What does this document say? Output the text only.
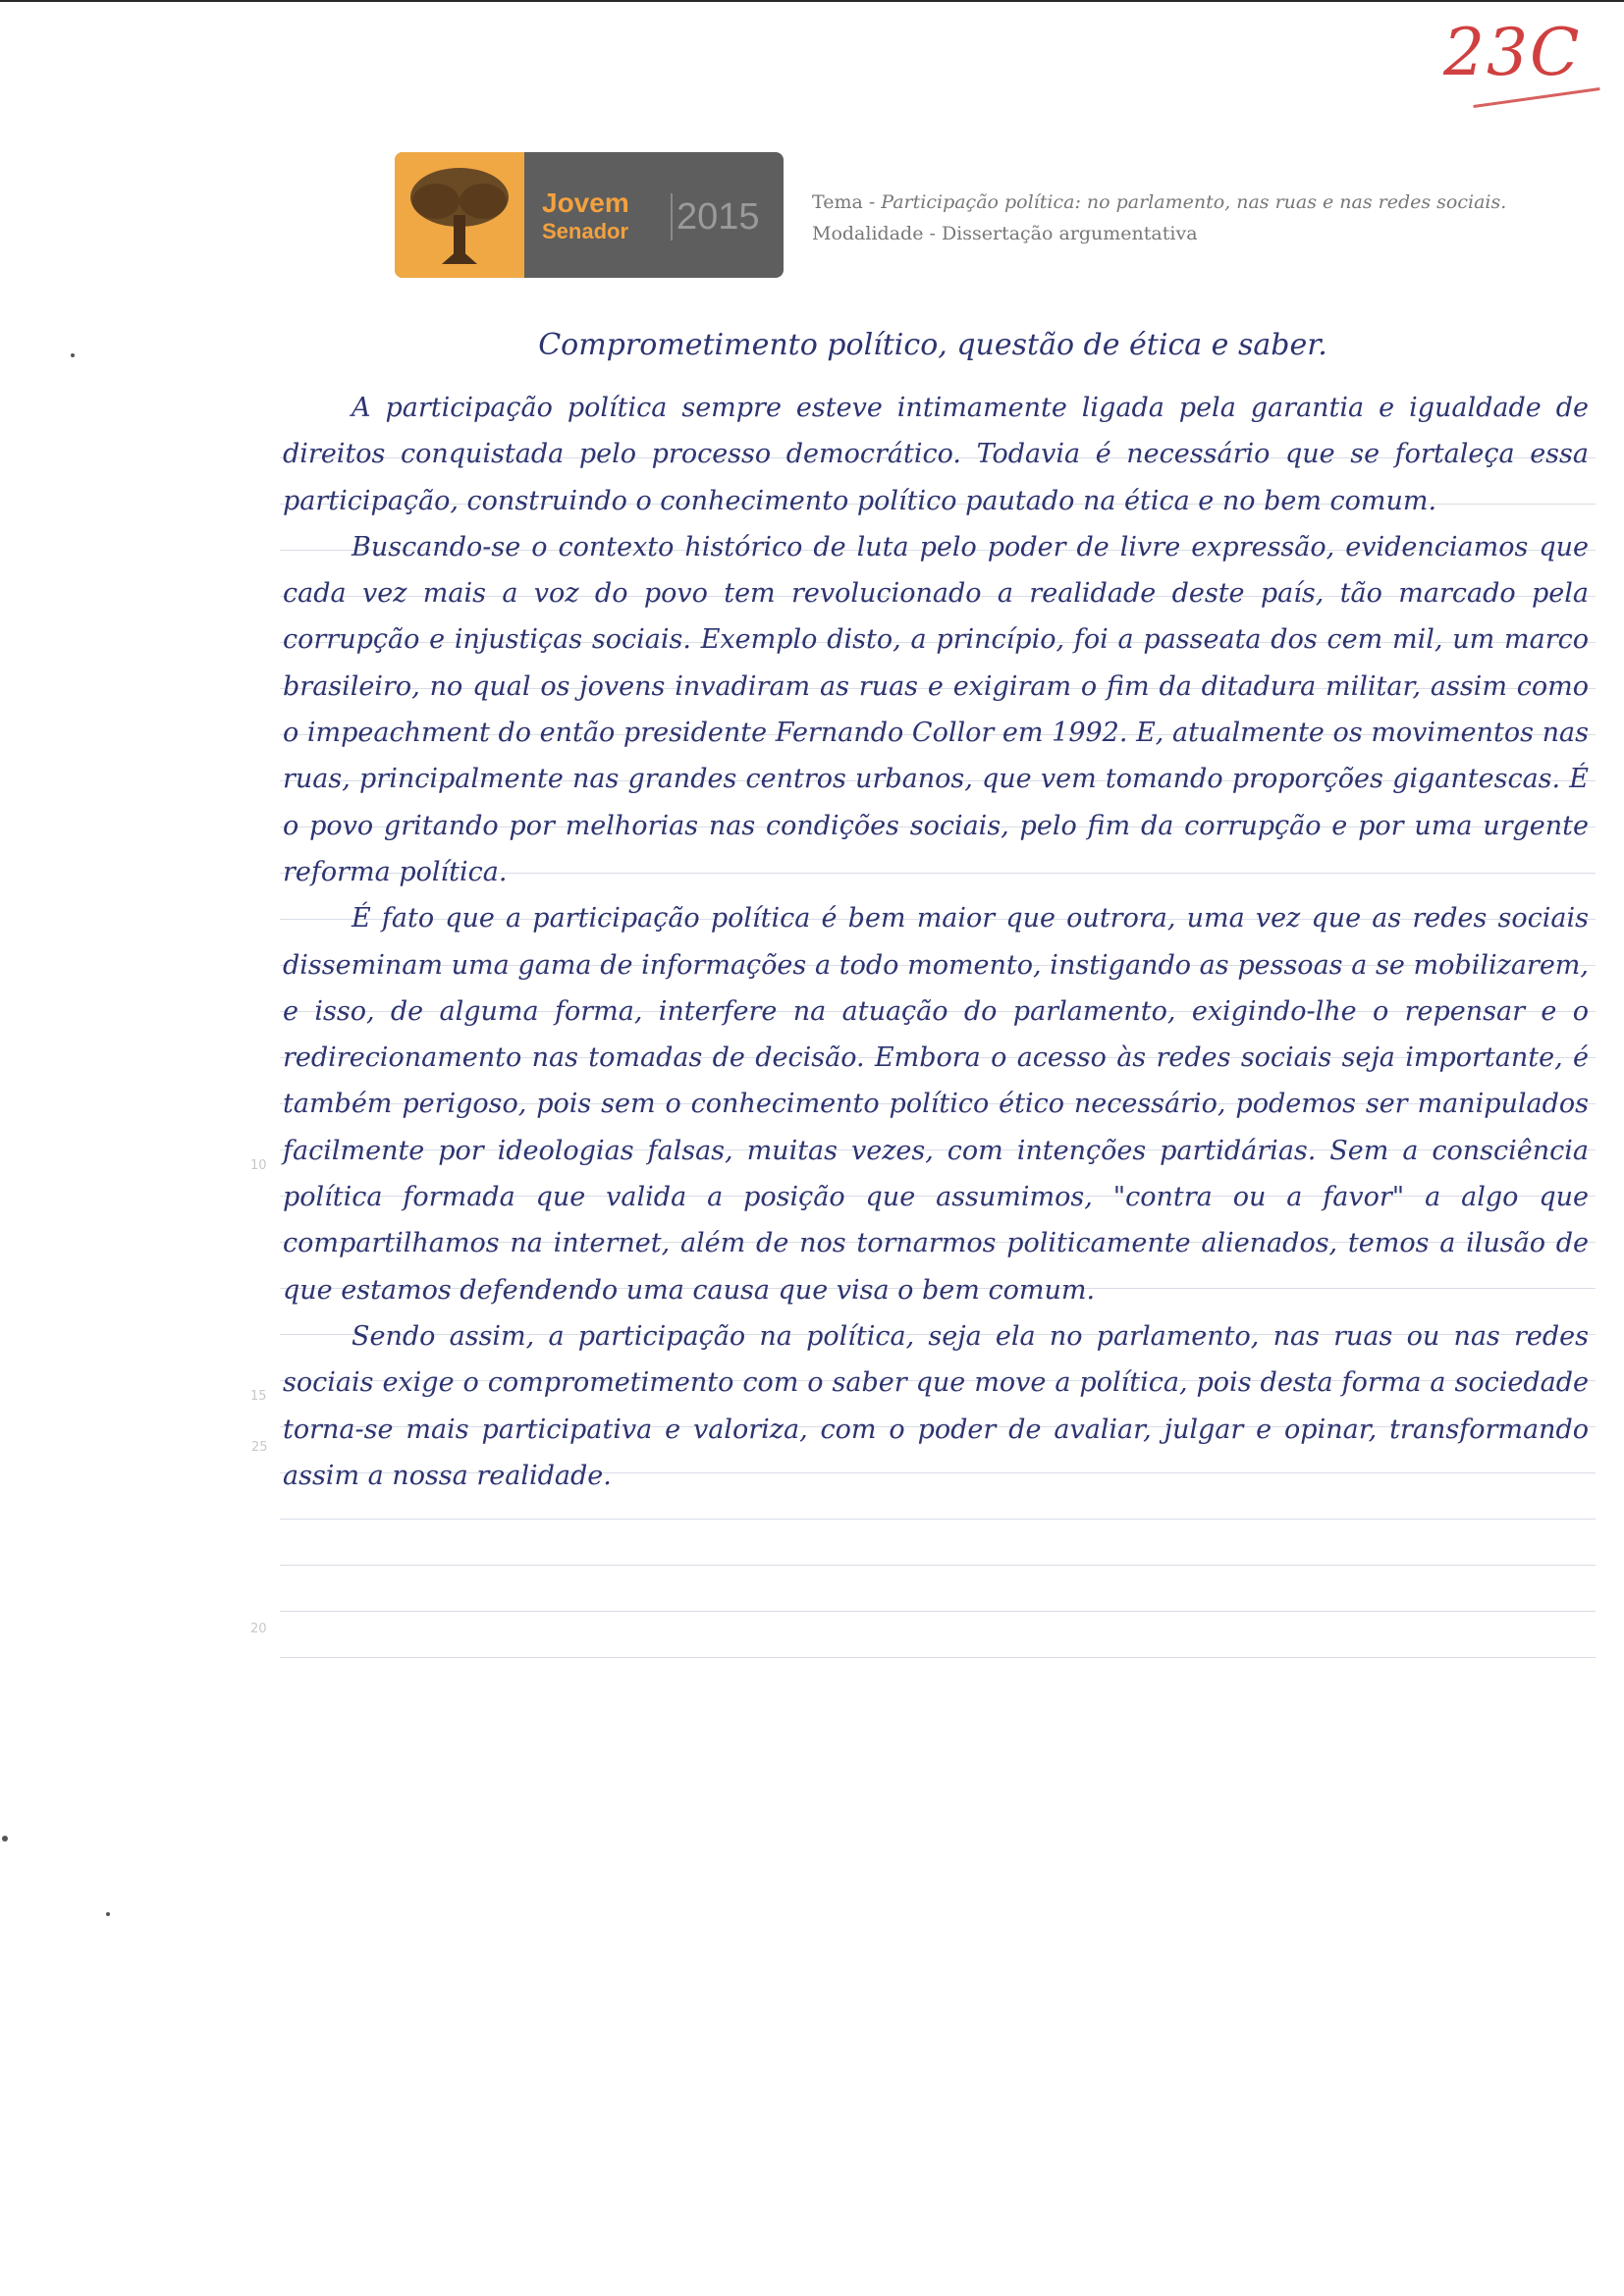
23C
Jovem
Senador	2015	Tema - Participação política: no parlamento, nas ruas e nas redes sociais.
Modalidade - Dissertação argumentativa
10
15
20
25
Comprometimento político, questão de ética e saber.

A participação política sempre esteve intimamente ligada pela garantia e igualdade de direitos conquistada pelo processo democrático. Todavia é necessário que se fortaleça essa participação, construindo o conhecimento político pautado na ética e no bem comum.

Buscando-se o contexto histórico de luta pelo poder de livre expressão, evidenciamos que cada vez mais a voz do povo tem revolucionado a realidade deste país, tão marcado pela corrupção e injustiças sociais. Exemplo disto, a princípio, foi a passeata dos cem mil, um marco brasileiro, no qual os jovens invadiram as ruas e exigiram o fim da ditadura militar, assim como o impeachment do então presidente Fernando Collor em 1992. E, atualmente os movimentos nas ruas, principalmente nas grandes centros urbanos, que vem tomando proporções gigantescas. É o povo gritando por melhorias nas condições sociais, pelo fim da corrupção e por uma urgente reforma política.

É fato que a participação política é bem maior que outrora, uma vez que as redes sociais disseminam uma gama de informações a todo momento, instigando as pessoas a se mobilizarem, e isso, de alguma forma, interfere na atuação do parlamento, exigindo-lhe o repensar e o redirecionamento nas tomadas de decisão. Embora o acesso às redes sociais seja importante, é também perigoso, pois sem o conhecimento político ético necessário, podemos ser manipulados facilmente por ideologias falsas, muitas vezes, com intenções partidárias. Sem a consciência política formada que valida a posição que assumimos, "contra ou a favor" a algo que compartilhamos na internet, além de nos tornarmos politicamente alienados, temos a ilusão de que estamos defendendo uma causa que visa o bem comum.

Sendo assim, a participação na política, seja ela no parlamento, nas ruas ou nas redes sociais exige o comprometimento com o saber que move a política, pois desta forma a sociedade torna-se mais participativa e valoriza, com o poder de avaliar, julgar e opinar, transformando assim a nossa realidade.
